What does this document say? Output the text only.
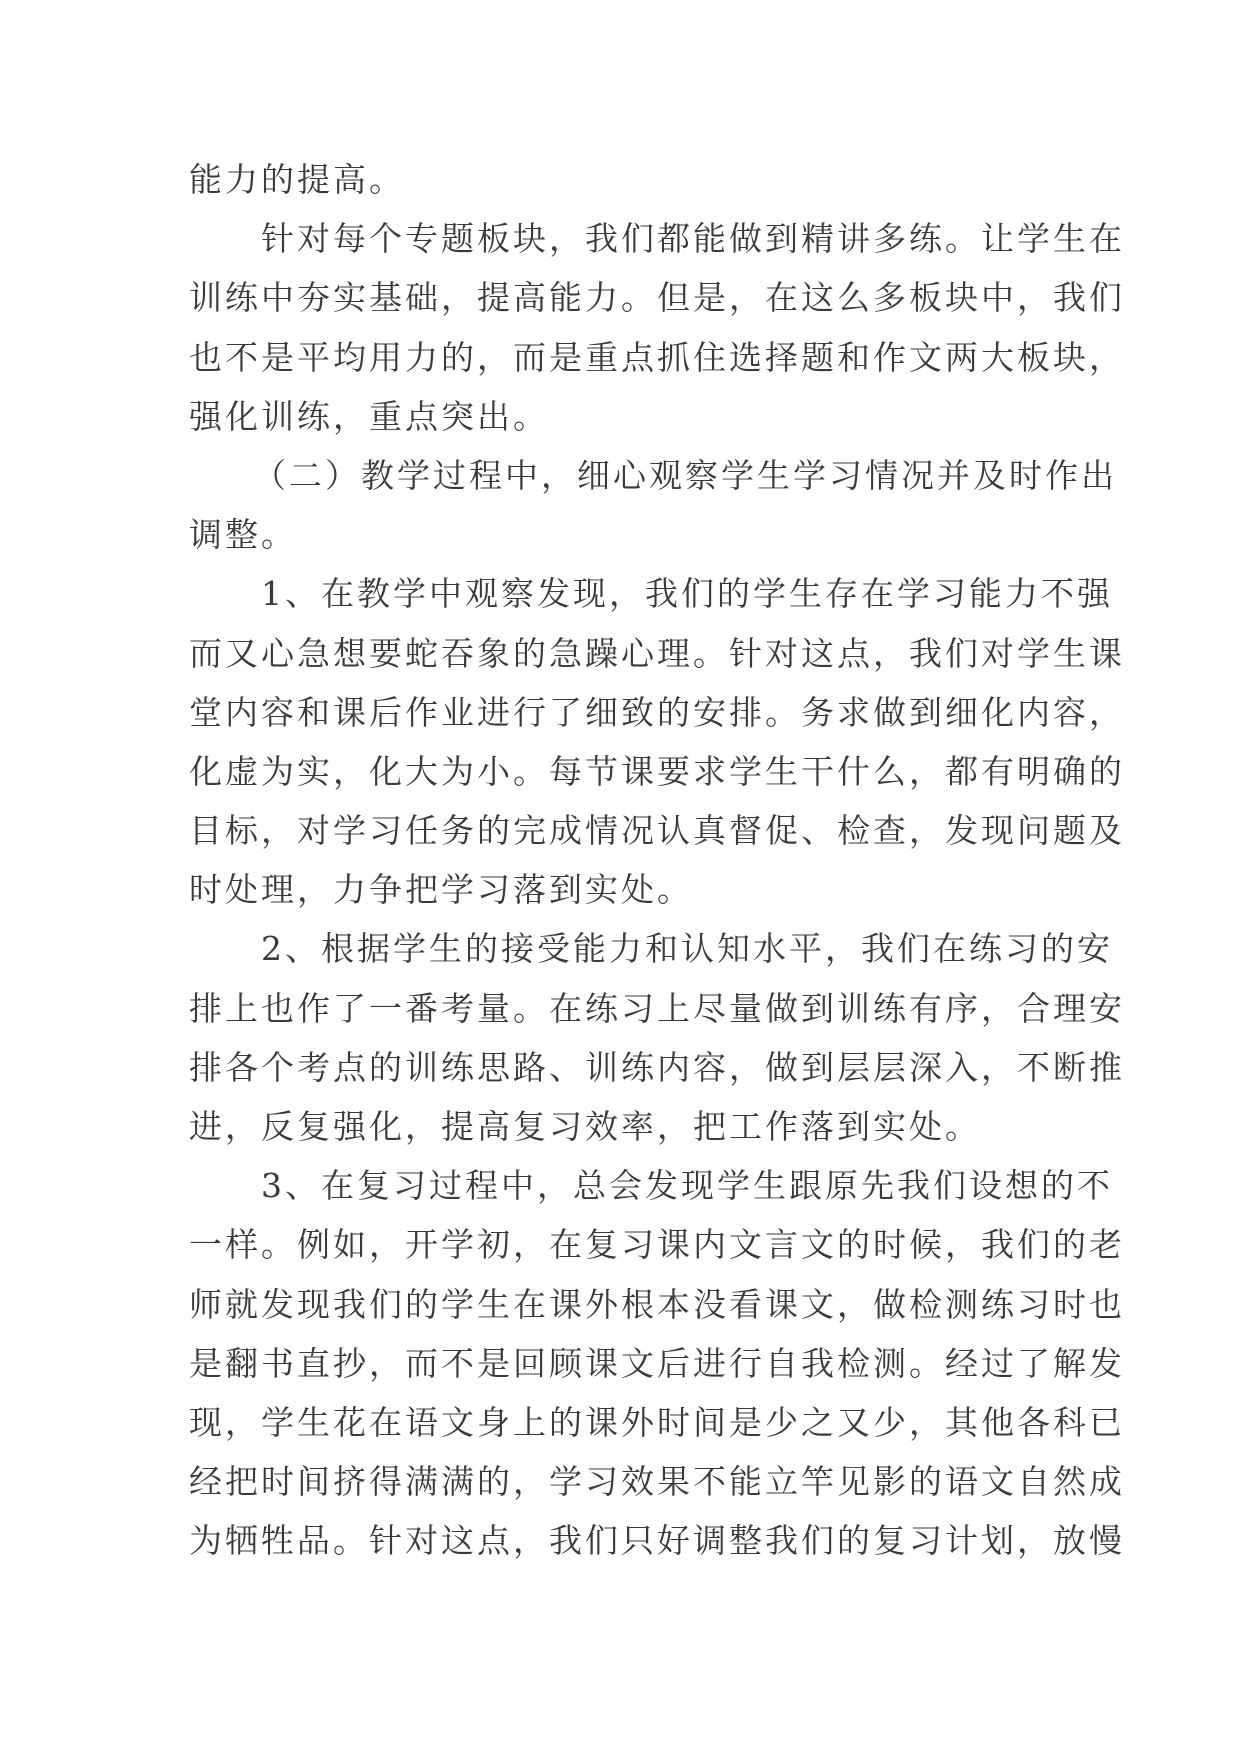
能力的提高。
针对每个专题板块，我们都能做到精讲多练。让学生在
训练中夯实基础，提高能力。但是，在这么多板块中，我们
也不是平均用力的，而是重点抓住选择题和作文两大板块，
强化训练，重点突出。
（二）教学过程中，细心观察学生学习情况并及时作出
调整。
1、在教学中观察发现，我们的学生存在学习能力不强
而又心急想要蛇吞象的急躁心理。针对这点，我们对学生课
堂内容和课后作业进行了细致的安排。务求做到细化内容，
化虚为实，化大为小。每节课要求学生干什么，都有明确的
目标，对学习任务的完成情况认真督促、检查，发现问题及
时处理，力争把学习落到实处。
2、根据学生的接受能力和认知水平，我们在练习的安
排上也作了一番考量。在练习上尽量做到训练有序，合理安
排各个考点的训练思路、训练内容，做到层层深入，不断推
进，反复强化，提高复习效率，把工作落到实处。
3、在复习过程中，总会发现学生跟原先我们设想的不
一样。例如，开学初，在复习课内文言文的时候，我们的老
师就发现我们的学生在课外根本没看课文，做检测练习时也
是翻书直抄，而不是回顾课文后进行自我检测。经过了解发
现，学生花在语文身上的课外时间是少之又少，其他各科已
经把时间挤得满满的，学习效果不能立竿见影的语文自然成
为牺牲品。针对这点，我们只好调整我们的复习计划，放慢
